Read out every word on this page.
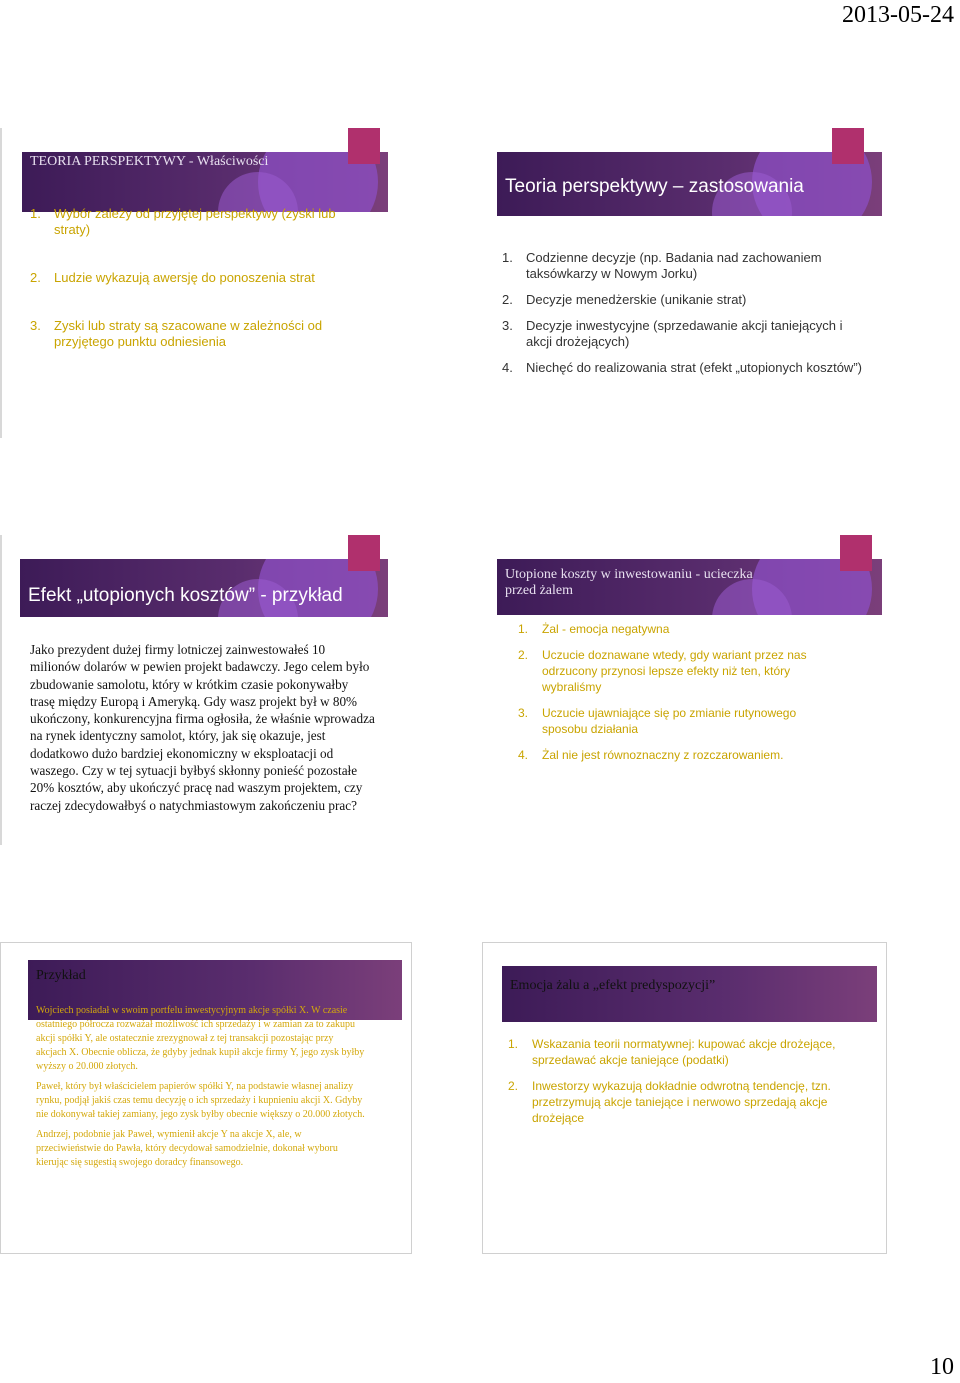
2013-05-24
TEORIA PERSPEKTYWY - Właściwości
1. Wybór zależy od przyjętej perspektywy (zyski lub straty)
2. Ludzie wykazują awersję do ponoszenia strat
3. Zyski lub straty są szacowane w zależności od przyjętego punktu odniesienia
Teoria perspektywy – zastosowania
1. Codzienne decyzje (np. Badania nad zachowaniem taksówkarzy w Nowym Jorku)
2. Decyzje menedżerskie (unikanie strat)
3. Decyzje inwestycyjne (sprzedawanie akcji taniejących i akcji drożejących)
4. Niechęć do realizowania strat (efekt „utopionych kosztów”)
Efekt „utopionych kosztów” - przykład
Jako prezydent dużej firmy lotniczej zainwestowałeś 10 milionów dolarów w pewien projekt badawczy. Jego celem było zbudowanie samolotu, który w krótkim czasie pokonywałby trasę między Europą i Ameryką. Gdy wasz projekt był w 80% ukończony, konkurencyjna firma ogłosiła, że właśnie wprowadza na rynek identyczny samolot, który, jak się okazuje, jest dodatkowo dużo bardziej ekonomiczny w eksploatacji od waszego. Czy w tej sytuacji byłbyś skłonny ponieść pozostałe 20% kosztów, aby ukończyć pracę nad waszym projektem, czy raczej zdecydowałbyś o natychmiastowym zakończeniu prac?
Utopione koszty w inwestowaniu - ucieczka przed żalem
1. Żal - emocja negatywna
2. Uczucie doznawane wtedy, gdy wariant przez nas odrzucony przynosi lepsze efekty niż ten, który wybraliśmy
3. Uczucie ujawniające się po zmianie rutynowego sposobu działania
4. Żal nie jest równoznaczny z rozczarowaniem.
Przykład

Wojciech posiadał w swoim portfelu inwestycyjnym akcje spółki X. W czasie ostatniego półrocza rozważał możliwość ich sprzedaży i w zamian za to zakupu akcji spółki Y, ale ostatecznie zrezygnował z tej transakcji pozostając przy akcjach X. Obecnie oblicza, że gdyby jednak kupił akcje firmy Y, jego zysk byłby wyższy o 20.000 złotych.

Paweł, który był właścicielem papierów spółki Y, na podstawie własnej analizy rynku, podjął jakiś czas temu decyzję o ich sprzedaży i kupnieniu akcji X. Gdyby nie dokonywał takiej zamiany, jego zysk byłby obecnie większy o 20.000 złotych.

Andrzej, podobnie jak Paweł, wymienił akcje Y na akcje X, ale, w przeciwieństwie do Pawła, który decydował samodzielnie, dokonał wyboru kierując się sugestią swojego doradcy finansowego.

Emocja żalu a „efekt predyspozycji”
1. Wskazania teorii normatywnej: kupować akcje drożejące, sprzedawać akcje taniejące (podatki)
2. Inwestorzy wykazują dokładnie odwrotną tendencję, tzn. przetrzymują akcje taniejące i nerwowo sprzedają akcje drożejące
10
